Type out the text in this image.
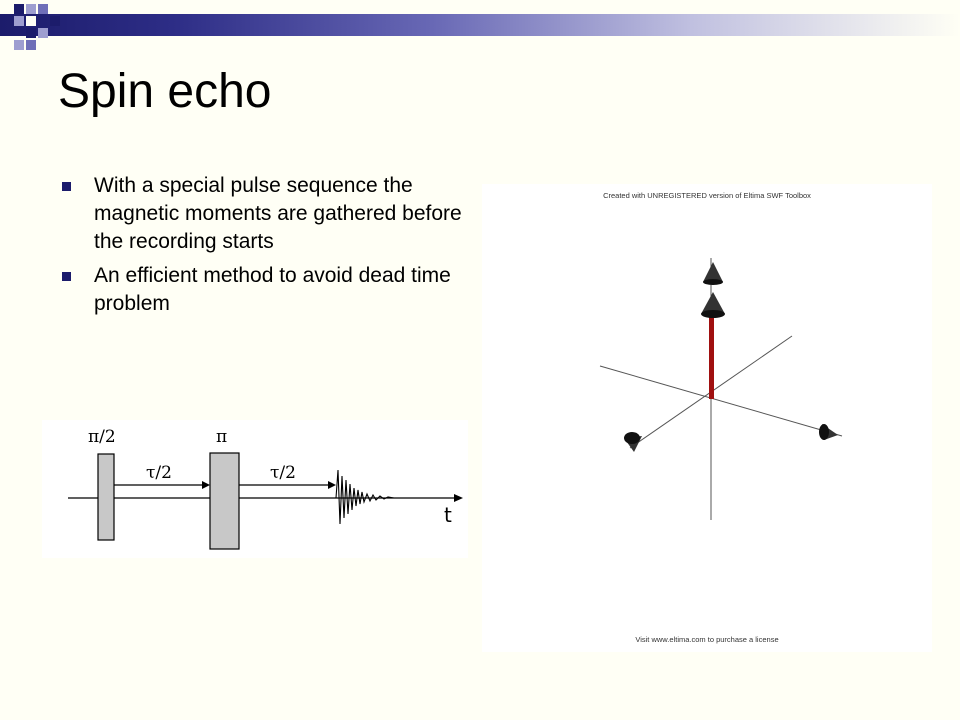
Spin echo
With a special pulse sequence the magnetic moments are gathered before the recording starts
An efficient method to avoid dead time problem
π/2	π
τ/2	τ/2
t
Created with UNREGISTERED version of Eltima SWF Toolbox
Visit www.eltima.com to purchase a license
